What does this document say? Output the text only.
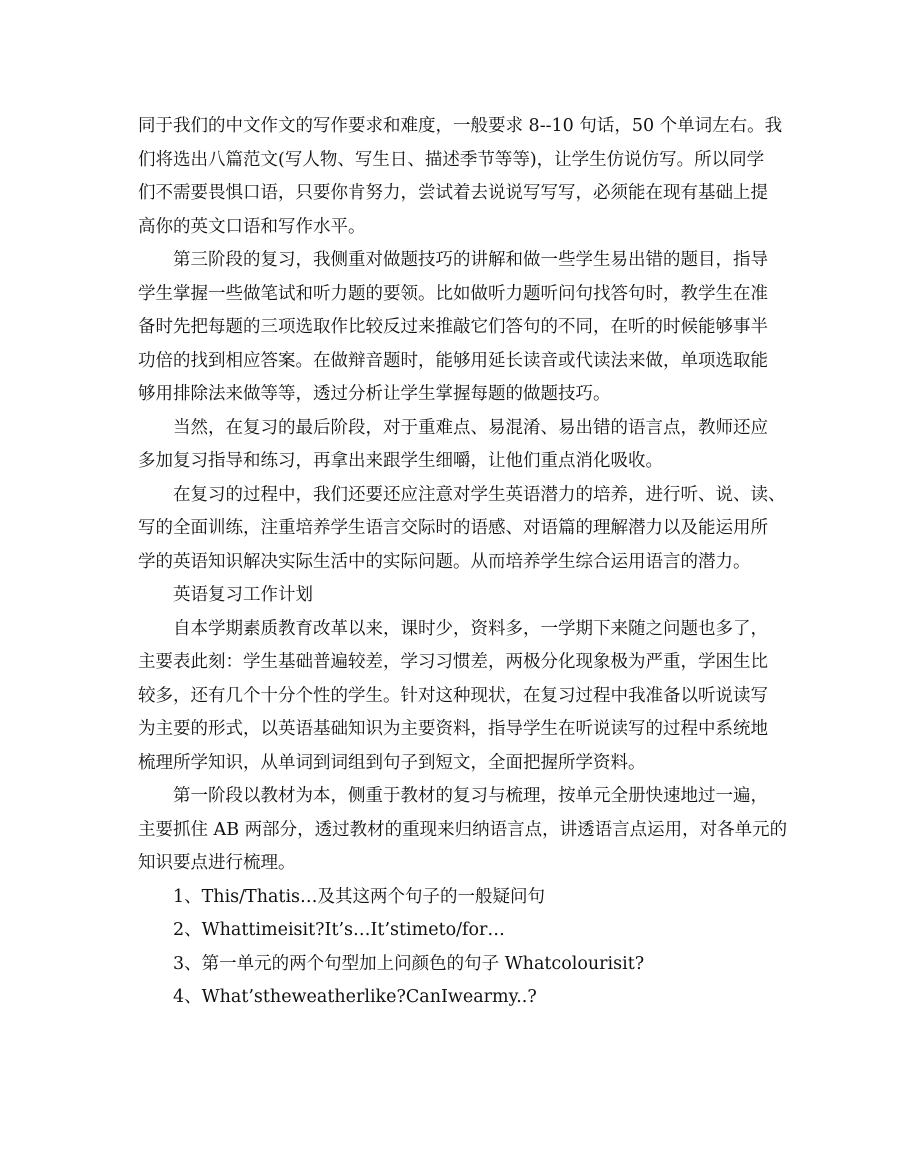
同于我们的中文作文的写作要求和难度，一般要求 8--10 句话，50 个单词左右。我
们将选出八篇范文(写人物、写生日、描述季节等等)，让学生仿说仿写。所以同学
们不需要畏惧口语，只要你肯努力，尝试着去说说写写写，必须能在现有基础上提
高你的英文口语和写作水平。
第三阶段的复习，我侧重对做题技巧的讲解和做一些学生易出错的题目，指导
学生掌握一些做笔试和听力题的要领。比如做听力题听问句找答句时，教学生在准
备时先把每题的三项选取作比较反过来推敲它们答句的不同，在听的时候能够事半
功倍的找到相应答案。在做辩音题时，能够用延长读音或代读法来做，单项选取能
够用排除法来做等等，透过分析让学生掌握每题的做题技巧。
当然，在复习的最后阶段，对于重难点、易混淆、易出错的语言点，教师还应
多加复习指导和练习，再拿出来跟学生细嚼，让他们重点消化吸收。
在复习的过程中，我们还要还应注意对学生英语潜力的培养，进行听、说、读、
写的全面训练，注重培养学生语言交际时的语感、对语篇的理解潜力以及能运用所
学的英语知识解决实际生活中的实际问题。从而培养学生综合运用语言的潜力。
英语复习工作计划
自本学期素质教育改革以来，课时少，资料多，一学期下来随之问题也多了，
主要表此刻：学生基础普遍较差，学习习惯差，两极分化现象极为严重，学困生比
较多，还有几个十分个性的学生。针对这种现状，在复习过程中我准备以听说读写
为主要的形式，以英语基础知识为主要资料，指导学生在听说读写的过程中系统地
梳理所学知识，从单词到词组到句子到短文，全面把握所学资料。
第一阶段以教材为本，侧重于教材的复习与梳理，按单元全册快速地过一遍，
主要抓住 AB 两部分，透过教材的重现来归纳语言点，讲透语言点运用，对各单元的
知识要点进行梳理。
1、This/Thatis…及其这两个句子的一般疑问句
2、Whattimeisit?It’s…It’stimeto/for…
3、第一单元的两个句型加上问颜色的句子 Whatcolourisit?
4、What’stheweatherlike?CanIwearmy..?
